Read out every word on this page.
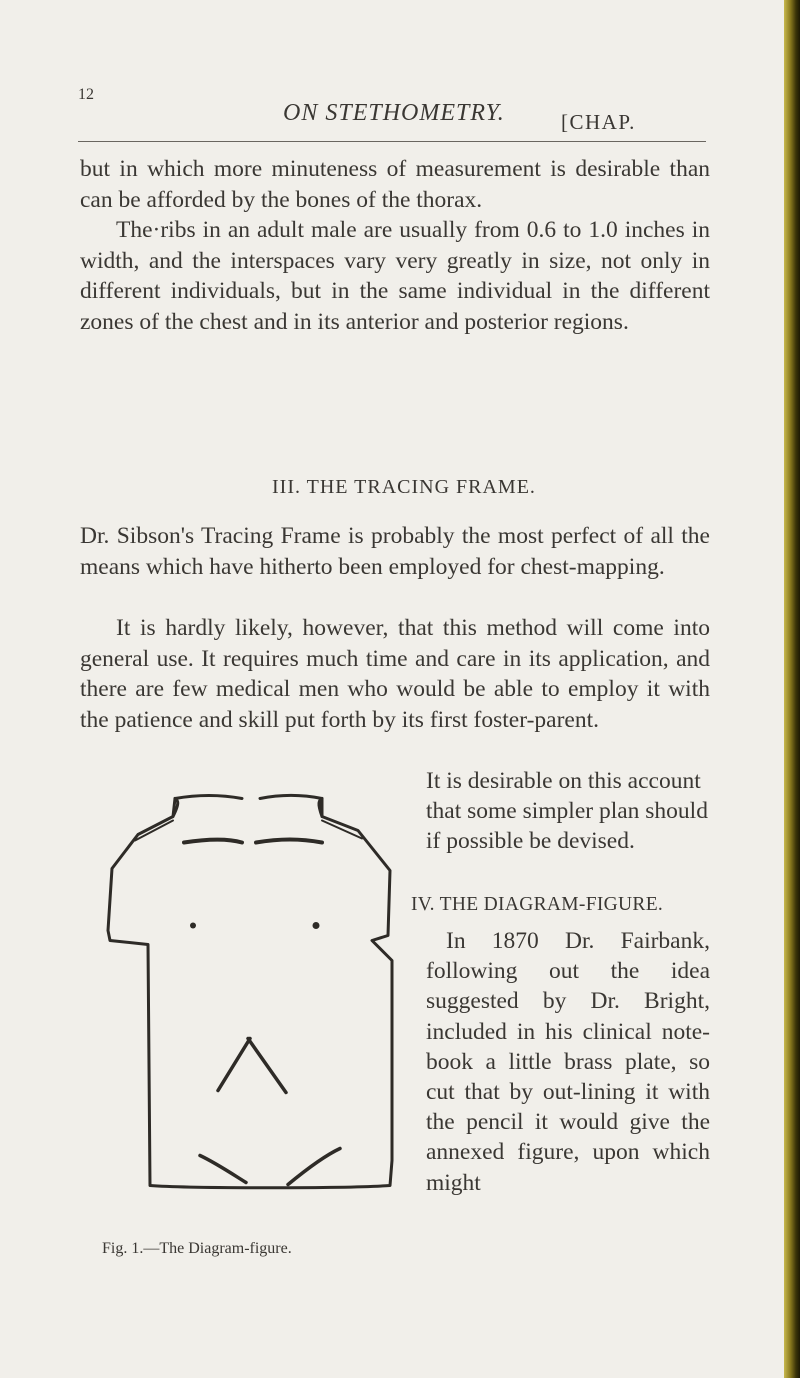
12
ON STETHOMETRY.	[CHAP.

but in which more minuteness of measurement is desirable than can be afforded by the bones of the thorax.

The·ribs in an adult male are usually from 0.6 to 1.0 inches in width, and the interspaces vary very greatly in size, not only in different individuals, but in the same individual in the different zones of the chest and in its anterior and posterior regions.

III. THE TRACING FRAME.

Dr. Sibson's Tracing Frame is probably the most perfect of all the means which have hitherto been employed for chest-mapping.

It is hardly likely, however, that this method will come into general use. It requires much time and care in its application, and there are few medical men who would be able to employ it with the patience and skill put forth by its first foster-parent.

It is desirable on this account that some simpler plan should if possible be devised.

IV. THE DIAGRAM-FIGURE.

In 1870 Dr. Fairbank, following out the idea suggested by Dr. Bright, included in his clinical note-book a little brass plate, so cut that by out-lining it with the pencil it would give the annexed figure, upon which might

Fig. 1.—The Diagram-figure.
